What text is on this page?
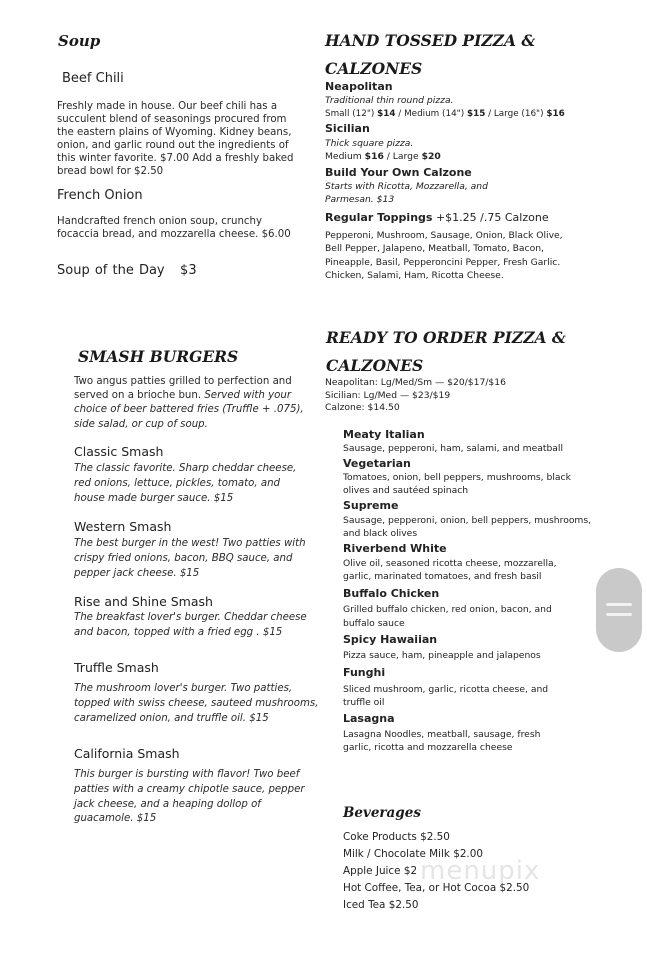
Soup
Beef Chili
Freshly made in house. Our beef chili has a succulent blend of seasonings procured from the eastern plains of Wyoming. Kidney beans, onion, and garlic round out the ingredients of this winter favorite. $7.00 Add a freshly baked bread bowl for $2.50
French Onion
Handcrafted french onion soup, crunchy focaccia bread, and mozzarella cheese. $6.00
Soup of the Day $3
HAND TOSSED PIZZA &
CALZONES
Neapolitan
Traditional thin round pizza.
Small (12") $14 / Medium (14") $15 / Large (16") $16
Sicilian
Thick square pizza.
Medium $16 / Large $20
Build Your Own Calzone
Starts with Ricotta, Mozzarella, and Parmesan. $13
Regular Toppings +$1.25 /.75 Calzone
Pepperoni, Mushroom, Sausage, Onion, Black Olive, Bell Pepper, Jalapeno, Meatball, Tomato, Bacon, Pineapple, Basil, Pepperoncini Pepper, Fresh Garlic. Chicken, Salami, Ham, Ricotta Cheese.
SMASH BURGERS
Two angus patties grilled to perfection and served on a brioche bun. Served with your choice of beer battered fries (Truffle + .075), side salad, or cup of soup.
Classic Smash
The classic favorite. Sharp cheddar cheese, red onions, lettuce, pickles, tomato, and house made burger sauce. $15
Western Smash
The best burger in the west! Two patties with crispy fried onions, bacon, BBQ sauce, and pepper jack cheese. $15
Rise and Shine Smash
The breakfast lover's burger. Cheddar cheese and bacon, topped with a fried egg . $15
Truffle Smash
The mushroom lover's burger. Two patties, topped with swiss cheese, sauteed mushrooms, caramelized onion, and truffle oil. $15
California Smash
This burger is bursting with flavor! Two beef patties with a creamy chipotle sauce, pepper jack cheese, and a heaping dollop of guacamole. $15
READY TO ORDER PIZZA &
CALZONES
Neapolitan: Lg/Med/Sm — $20/$17/$16
Sicilian: Lg/Med — $23/$19
Calzone: $14.50
Meaty Italian
Sausage, pepperoni, ham, salami, and meatball
Vegetarian
Tomatoes, onion, bell peppers, mushrooms, black olives and sautéed spinach
Supreme
Sausage, pepperoni, onion, bell peppers, mushrooms, and black olives
Riverbend White
Olive oil, seasoned ricotta cheese, mozzarella, garlic, marinated tomatoes, and fresh basil
Buffalo Chicken
Grilled buffalo chicken, red onion, bacon, and buffalo sauce
Spicy Hawaiian
Pizza sauce, ham, pineapple and jalapenos
Funghi
Sliced mushroom, garlic, ricotta cheese, and truffle oil
Lasagna
Lasagna Noodles, meatball, sausage, fresh garlic, ricotta and mozzarella cheese
Beverages
Coke Products $2.50
Milk / Chocolate Milk $2.00
Apple Juice $2
Hot Coffee, Tea, or Hot Cocoa $2.50
Iced Tea $2.50
menupix
